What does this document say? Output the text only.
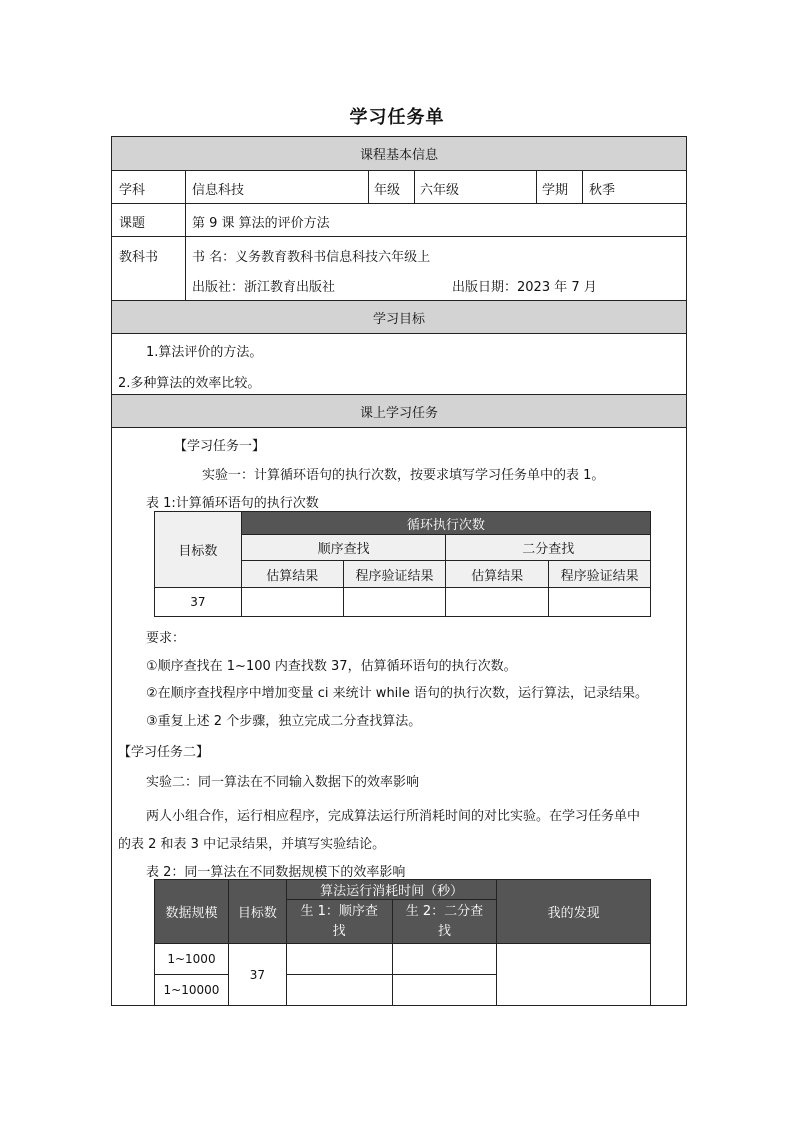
学习任务单
课程基本信息
学科	信息科技	年级 六年级	学期 秋季
课题	第 9 课 算法的评价方法
教科书	书 名：义务教育教科书信息科技六年级上
出版社：浙江教育出版社	出版日期：2023 年 7 月
学习目标
1.算法评价的方法。
2.多种算法的效率比较。
课上学习任务
【学习任务一】
实验一：计算循环语句的执行次数，按要求填写学习任务单中的表 1。
表 1:计算循环语句的执行次数
目标数	循环执行次数			
	顺序查找		二分查找	
	估算结果	程序验证结果	估算结果	程序验证结果
37				
要求：
①顺序查找在 1~100 内查找数 37，估算循环语句的执行次数。
②在顺序查找程序中增加变量 ci 来统计 while 语句的执行次数，运行算法，记录结果。
③重复上述 2 个步骤，独立完成二分查找算法。
【学习任务二】
实验二：同一算法在不同输入数据下的效率影响
两人小组合作，运行相应程序，完成算法运行所消耗时间的对比实验。在学习任务单中
的表 2 和表 3 中记录结果，并填写实验结论。
表 2：同一算法在不同数据规模下的效率影响
数据规模	目标数	算法运行消耗时间（秒）		我的发现
		生 1：顺序查找	生 2：二分查找	
1~1000	37			
1~10000				
